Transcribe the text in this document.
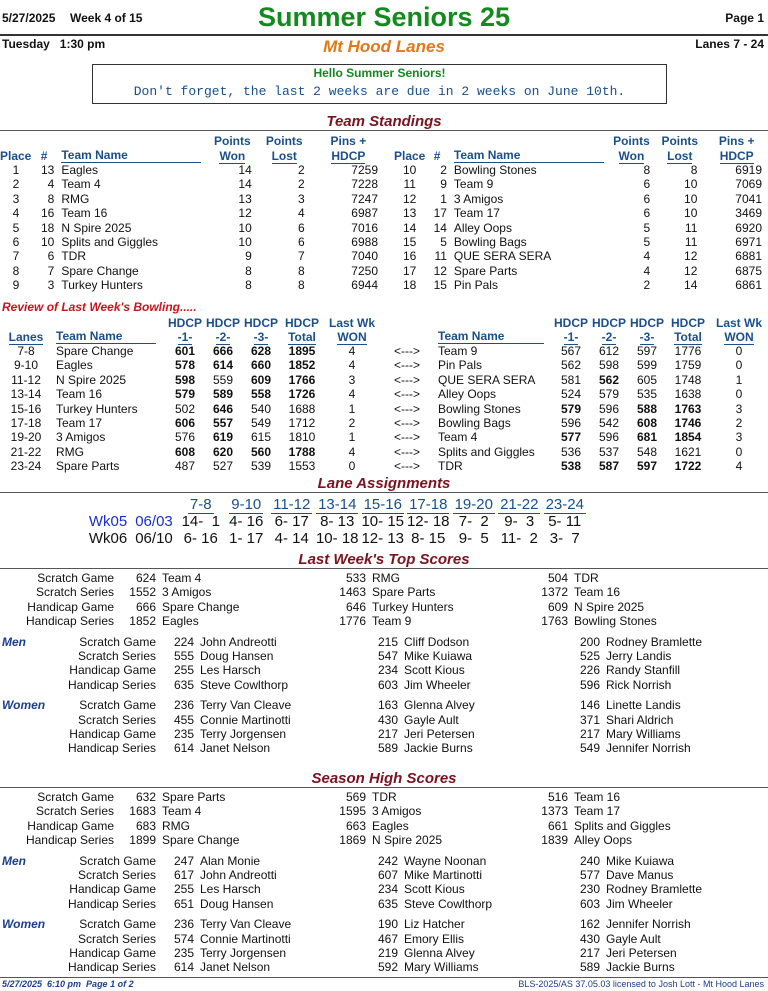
5/27/2025 Week 4 of 15	Summer Seniors 25	Page 1
Tuesday   1:30 pm	Mt Hood Lanes	Lanes 7 - 24
Hello Summer Seniors!
Don't forget, the last 2 weeks are due in 2 weeks on June 10th.
Team Standings
			Points	Points	Pins +
Place	#	Team Name	Won	Lost	HDCP
1	13	Eagles	14	2	7259
2	4	Team 4	14	2	7228
3	8	RMG	13	3	7247
4	16	Team 16	12	4	6987
5	18	N Spire 2025	10	6	7016
6	10	Splits and Giggles	10	6	6988
7	6	TDR	9	7	7040
8	7	Spare Change	8	8	7250
9	3	Turkey Hunters	8	8	6944
			Points	Points	Pins +
Place	#	Team Name	Won	Lost	HDCP
10	2	Bowling Stones	8	8	6919
11	9	Team 9	6	10	7069
12	1	3 Amigos	6	10	7041
13	17	Team 17	6	10	3469
14	14	Alley Oops	5	11	6920
15	5	Bowling Bags	5	11	6971
16	11	QUE SERA SERA	4	12	6881
17	12	Spare Parts	4	12	6875
18	15	Pin Pals	2	14	6861
Review of Last Week's Bowling.....
		HDCP	HDCP	HDCP	HDCP	Last Wk			HDCP	HDCP	HDCP	HDCP	Last Wk
Lanes	Team Name	-1-	-2-	-3-	Total	WON		Team Name	-1-	-2-	-3-	Total	WON
7-8	Spare Change	601	666	628	1895	4	<--->	Team 9	567	612	597	1776	0
9-10	Eagles	578	614	660	1852	4	<--->	Pin Pals	562	598	599	1759	0
11-12	N Spire 2025	598	559	609	1766	3	<--->	QUE SERA SERA	581	562	605	1748	1
13-14	Team 16	579	589	558	1726	4	<--->	Alley Oops	524	579	535	1638	0
15-16	Turkey Hunters	502	646	540	1688	1	<--->	Bowling Stones	579	596	588	1763	3
17-18	Team 17	606	557	549	1712	2	<--->	Bowling Bags	596	542	608	1746	2
19-20	3 Amigos	576	619	615	1810	1	<--->	Team 4	577	596	681	1854	3
21-22	RMG	608	620	560	1788	4	<--->	Splits and Giggles	536	537	548	1621	0
23-24	Spare Parts	487	527	539	1553	0	<--->	TDR	538	587	597	1722	4
Lane Assignments
		7-8	9-10	11-12	13-14	15-16	17-18	19-20	21-22	23-24
Wk05	06/03	14-  1	4- 16	6- 17	8- 13	10- 15	12- 18	7-  2	9-  3	5- 11
Wk06	06/10	6- 16	1- 17	4- 14	10- 18	12- 13	8- 15	9-  5	11-  2	3-  7
Last Week's Top Scores
Scratch Game	624	Team 4	533	RMG	504	TDR
Scratch Series	1552	3 Amigos	1463	Spare Parts	1372	Team 16
Handicap Game	666	Spare Change	646	Turkey Hunters	609	N Spire 2025
Handicap Series	1852	Eagles	1776	Team 9	1763	Bowling Stones
Men	Scratch Game	224	John Andreotti	215	Cliff Dodson	200	Rodney Bramlette
Scratch Series	555	Doug Hansen	547	Mike Kuiawa	525	Jerry Landis
Handicap Game	255	Les Harsch	234	Scott Kious	226	Randy Stanfill
Handicap Series	635	Steve Cowlthorp	603	Jim Wheeler	596	Rick Norrish
Women	Scratch Game	236	Terry Van Cleave	163	Glenna Alvey	146	Linette Landis
Scratch Series	455	Connie Martinotti	430	Gayle Ault	371	Shari Aldrich
Handicap Game	235	Terry Jorgensen	217	Jeri Petersen	217	Mary Williams
Handicap Series	614	Janet Nelson	589	Jackie Burns	549	Jennifer Norrish
Season High Scores
Scratch Game	632	Spare Parts	569	TDR	516	Team 16
Scratch Series	1683	Team 4	1595	3 Amigos	1373	Team 17
Handicap Game	683	RMG	663	Eagles	661	Splits and Giggles
Handicap Series	1899	Spare Change	1869	N Spire 2025	1839	Alley Oops
Men	Scratch Game	247	Alan Monie	242	Wayne Noonan	240	Mike Kuiawa
Scratch Series	617	John Andreotti	607	Mike Martinotti	577	Dave Manus
Handicap Game	255	Les Harsch	234	Scott Kious	230	Rodney Bramlette
Handicap Series	651	Doug Hansen	635	Steve Cowlthorp	603	Jim Wheeler
Women	Scratch Game	236	Terry Van Cleave	190	Liz Hatcher	162	Jennifer Norrish
Scratch Series	574	Connie Martinotti	467	Emory Ellis	430	Gayle Ault
Handicap Game	235	Terry Jorgensen	219	Glenna Alvey	217	Jeri Petersen
Handicap Series	614	Janet Nelson	592	Mary Williams	589	Jackie Burns
5/27/2025  6:10 pm  Page 1 of 2	BLS-2025/AS 37.05.03 licensed to Josh Lott - Mt Hood Lanes
